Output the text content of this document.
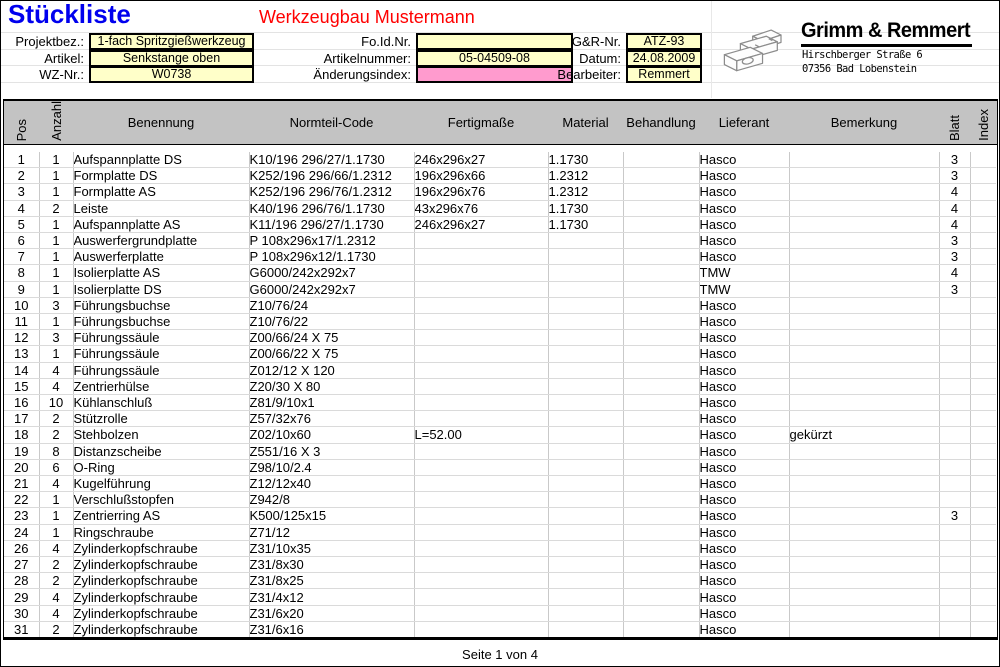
Stückliste	Werkzeugbau Mustermann
Projektbez.:	1-fach Spritzgießwerkzeug
Artikel:	Senkstange oben
WZ-Nr.:	W0738
Fo.Id.Nr.
Artikelnummer:	05-04509-08
Änderungsindex:
G&R-Nr.	ATZ-93
Datum: 24.08.2009
Bearbeiter:	Remmert
Grimm & Remmert
Hirschberger Straße 6
07356 Bad Lobenstein
Pos Anzahl	Benennung	Normteil-Code	Fertigmaße	Material	Behandlung	Lieferant	Bemerkung	Blatt Index
1	1	Aufspannplatte DS	K10/196 296/27/1.1730	246x296x27	1.1730		Hasco		3	
2	1	Formplatte DS	K252/196 296/66/1.2312	196x296x66	1.2312		Hasco		3	
3	1	Formplatte AS	K252/196 296/76/1.2312	196x296x76	1.2312		Hasco		4	
4	2	Leiste	K40/196 296/76/1.1730	43x296x76	1.1730		Hasco		4	
5	1	Aufspannplatte AS	K11/196 296/27/1.1730	246x296x27	1.1730		Hasco		4	
6	1	Auswerfergrundplatte	P 108x296x17/1.2312				Hasco		3	
7	1	Auswerferplatte	P 108x296x12/1.1730				Hasco		3	
8	1	Isolierplatte AS	G6000/242x292x7				TMW		4	
9	1	Isolierplatte DS	G6000/242x292x7				TMW		3	
10	3	Führungsbuchse	Z10/76/24				Hasco			
11	1	Führungsbuchse	Z10/76/22				Hasco			
12	3	Führungssäule	Z00/66/24 X 75				Hasco			
13	1	Führungssäule	Z00/66/22 X 75				Hasco			
14	4	Führungssäule	Z012/12 X 120				Hasco			
15	4	Zentrierhülse	Z20/30 X 80				Hasco			
16	10	Kühlanschluß	Z81/9/10x1				Hasco			
17	2	Stützrolle	Z57/32x76				Hasco			
18	2	Stehbolzen	Z02/10x60	L=52.00			Hasco	gekürzt		
19	8	Distanzscheibe	Z551/16 X 3				Hasco			
20	6	O-Ring	Z98/10/2.4				Hasco			
21	4	Kugelführung	Z12/12x40				Hasco			
22	1	Verschlußstopfen	Z942/8				Hasco			
23	1	Zentrierring AS	K500/125x15				Hasco		3	
24	1	Ringschraube	Z71/12				Hasco			
26	4	Zylinderkopfschraube	Z31/10x35				Hasco			
27	2	Zylinderkopfschraube	Z31/8x30				Hasco			
28	2	Zylinderkopfschraube	Z31/8x25				Hasco			
29	4	Zylinderkopfschraube	Z31/4x12				Hasco			
30	4	Zylinderkopfschraube	Z31/6x20				Hasco			
31	2	Zylinderkopfschraube	Z31/6x16				Hasco			
Seite 1 von 4
